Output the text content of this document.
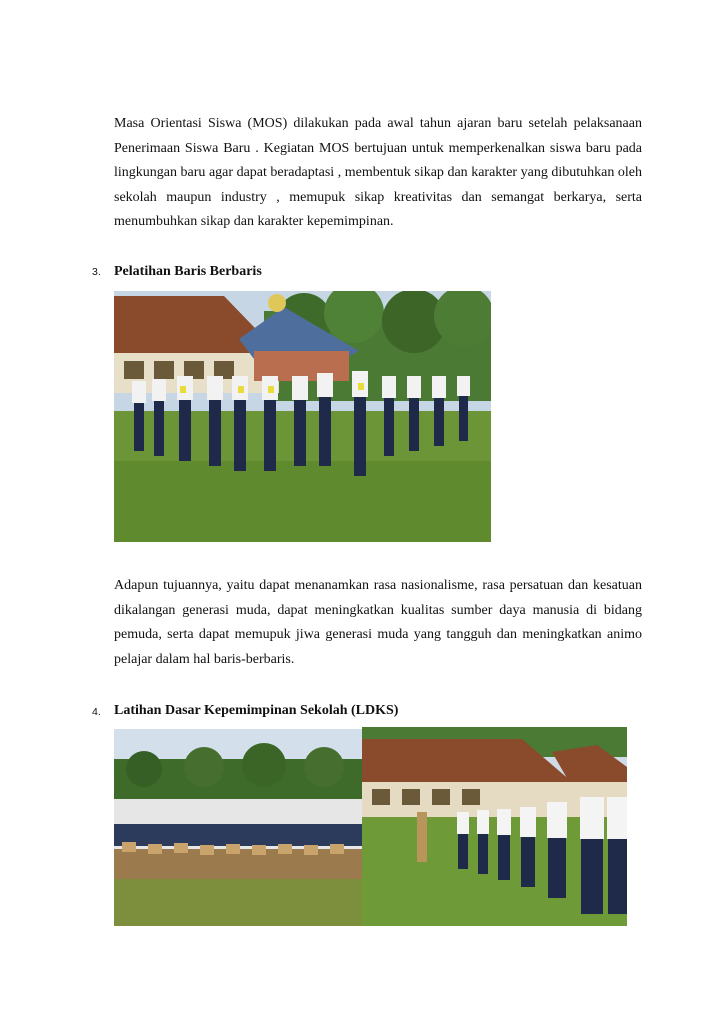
Masa Orientasi Siswa (MOS) dilakukan pada awal tahun ajaran baru setelah pelaksanaan Penerimaan Siswa Baru . Kegiatan MOS bertujuan untuk memperkenalkan siswa baru pada lingkungan baru agar dapat beradaptasi , membentuk sikap dan karakter yang dibutuhkan oleh sekolah maupun industry , memupuk sikap kreativitas dan semangat berkarya, serta menumbuhkan sikap dan karakter kepemimpinan.

3. Pelatihan Baris Berbaris

Adapun tujuannya, yaitu dapat menanamkan rasa nasionalisme, rasa persatuan dan kesatuan dikalangan generasi muda, dapat meningkatkan kualitas sumber daya manusia di bidang pemuda, serta dapat memupuk jiwa generasi muda yang tangguh dan meningkatkan animo pelajar dalam hal baris-berbaris.

4. Latihan Dasar Kepemimpinan Sekolah (LDKS)
